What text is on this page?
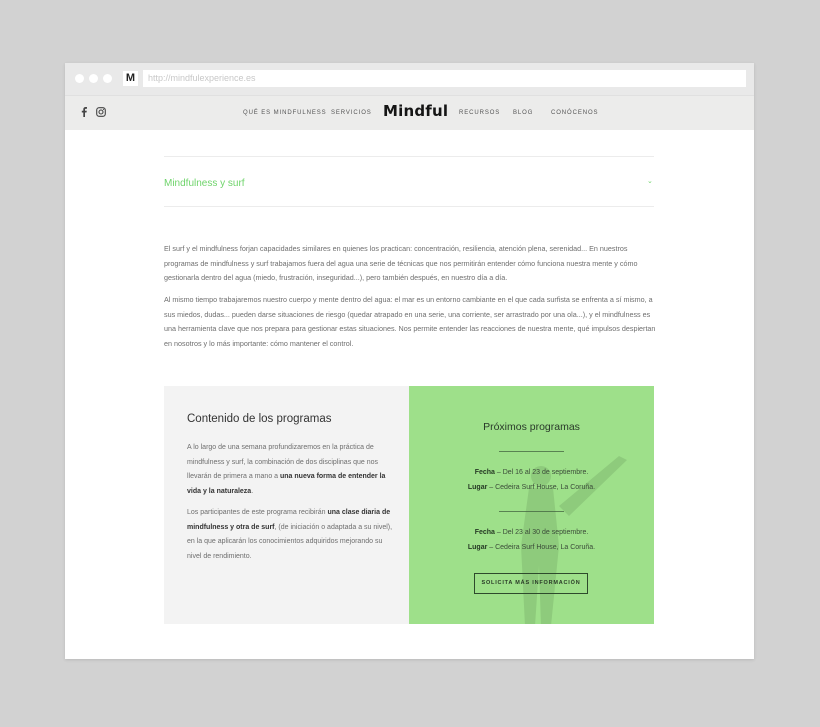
M	http://mindfulexperience.es
QUÉ ES MINDFULNESS SERVICIOS Mindful RECURSOS BLOG	CONÓCENOS
Mindfulness y surf	⌄

El surf y el mindfulness forjan capacidades similares en quienes los practican: concentración, resiliencia, atención plena, serenidad... En nuestros programas de mindfulness y surf trabajamos fuera del agua una serie de técnicas que nos permitirán entender cómo funciona nuestra mente y cómo gestionarla dentro del agua (miedo, frustración, inseguridad...), pero también después, en nuestro día a día.

Al mismo tiempo trabajaremos nuestro cuerpo y mente dentro del agua: el mar es un entorno cambiante en el que cada surfista se enfrenta a sí mismo, a sus miedos, dudas... pueden darse situaciones de riesgo (quedar atrapado en una serie, una corriente, ser arrastrado por una ola...), y el mindfulness es una herramienta clave que nos prepara para gestionar estas situaciones. Nos permite entender las reacciones de nuestra mente, qué impulsos despiertan en nosotros y lo más importante: cómo mantener el control.

Contenido de los programas

A lo largo de una semana profundizaremos en la práctica de mindfulness y surf, la combinación de dos disciplinas que nos llevarán de primera a mano a una nueva forma de entender la vida y la naturaleza.

Los participantes de este programa recibirán una clase diaria de mindfulness y otra de surf, (de iniciación o adaptada a su nivel), en la que aplicarán los conocimientos adquiridos mejorando su nivel de rendimiento.

Próximos programas
Fecha – Del 16 al 23 de septiembre.
Lugar – Cedeira Surf House, La Coruña.
Fecha – Del 23 al 30 de septiembre.
Lugar – Cedeira Surf House, La Coruña.
SOLICITA MÁS INFORMACIÓN
